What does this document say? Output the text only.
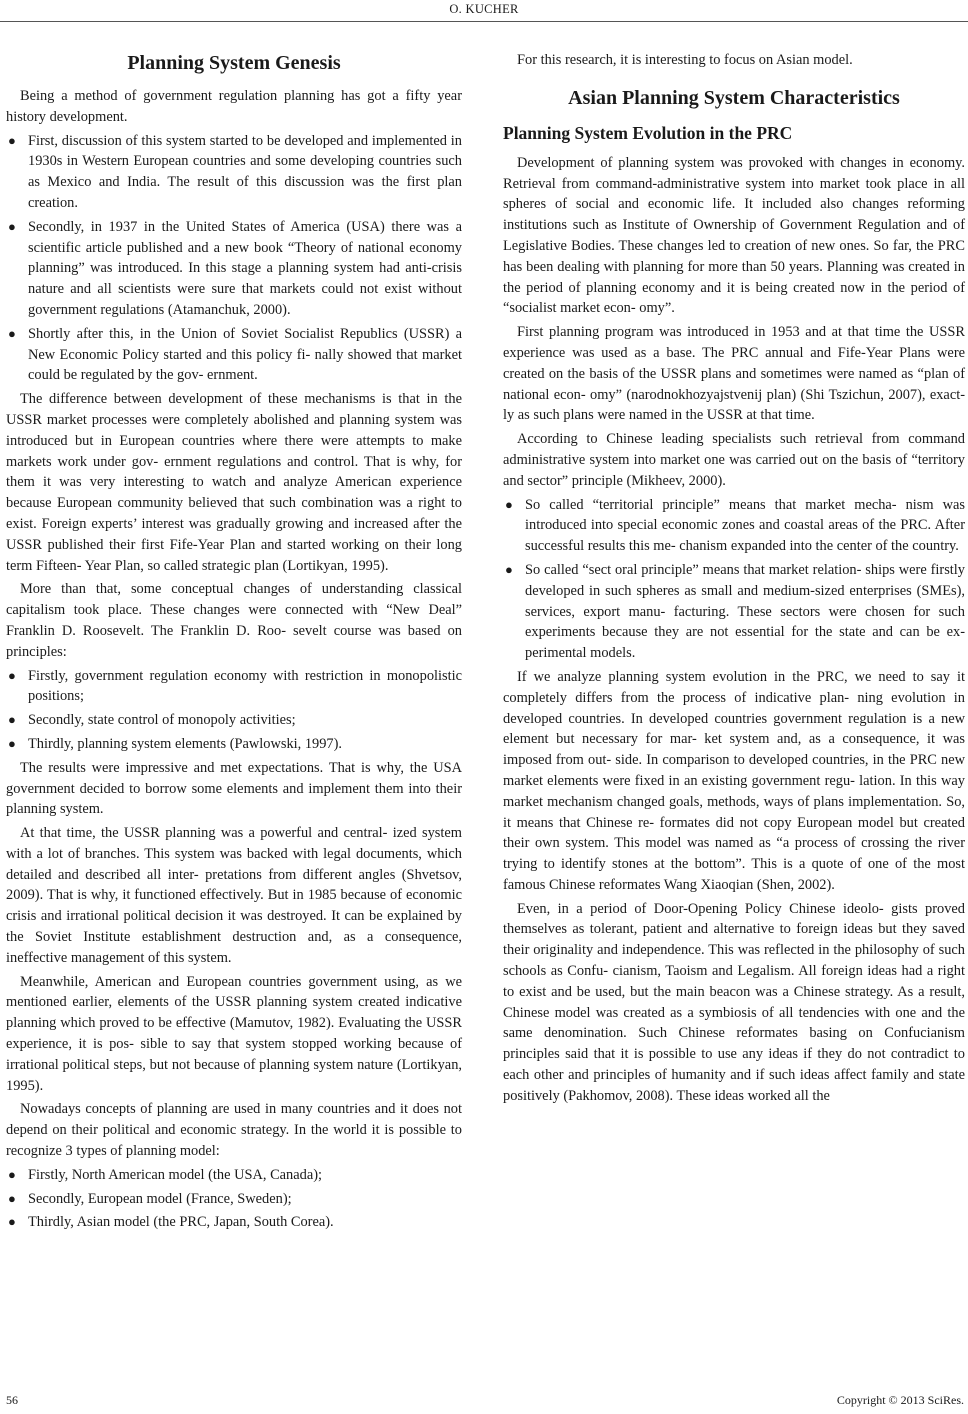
O. KUCHER
Planning System Genesis

Being a method of government regulation planning has got a fifty year history development.

● First, discussion of this system started to be developed and implemented in 1930s in Western European countries and some developing countries such as Mexico and India. The result of this discussion was the first plan creation.
● Secondly, in 1937 in the United States of America (USA) there was a scientific article published and a new book “Theory of national economy planning” was introduced. In this stage a planning system had anti-crisis nature and all scientists were sure that markets could not exist without government regulations (Atamanchuk, 2000).
● Shortly after this, in the Union of Soviet Socialist Republics (USSR) a New Economic Policy started and this policy fi- nally showed that market could be regulated by the gov- ernment.

The difference between development of these mechanisms is that in the USSR market processes were completely abolished and planning system was introduced but in European countries where there were attempts to make markets work under gov- ernment regulations and control. That is why, for them it was very interesting to watch and analyze American experience because European community believed that such combination was a right to exist. Foreign experts’ interest was gradually growing and increased after the USSR published their first Fife-Year Plan and started working on their long term Fifteen- Year Plan, so called strategic plan (Lortikyan, 1995).

More than that, some conceptual changes of understanding classical capitalism took place. These changes were connected with “New Deal” Franklin D. Roosevelt. The Franklin D. Roo- sevelt course was based on principles:

● Firstly, government regulation economy with restriction in monopolistic positions;
● Secondly, state control of monopoly activities;
● Thirdly, planning system elements (Pawlowski, 1997).

The results were impressive and met expectations. That is why, the USA government decided to borrow some elements and implement them into their planning system.

At that time, the USSR planning was a powerful and central- ized system with a lot of branches. This system was backed with legal documents, which detailed and described all inter- pretations from different angles (Shvetsov, 2009). That is why, it functioned effectively. But in 1985 because of economic crisis and irrational political decision it was destroyed. It can be explained by the Soviet Institute establishment destruction and, as a consequence, ineffective management of this system.

Meanwhile, American and European countries government using, as we mentioned earlier, elements of the USSR planning system created indicative planning which proved to be effective (Mamutov, 1982). Evaluating the USSR experience, it is pos- sible to say that system stopped working because of irrational political steps, but not because of planning system nature (Lortikyan, 1995).

Nowadays concepts of planning are used in many countries and it does not depend on their political and economic strategy. In the world it is possible to recognize 3 types of planning model:

● Firstly, North American model (the USA, Canada);
● Secondly, European model (France, Sweden);
● Thirdly, Asian model (the PRC, Japan, South Corea).

For this research, it is interesting to focus on Asian model.

Asian Planning System Characteristics
Planning System Evolution in the PRC

Development of planning system was provoked with changes in economy. Retrieval from command-administrative system into market took place in all spheres of social and economic life. It included also changes reforming institutions such as Institute of Ownership of Government Regulation and of Legislative Bodies. These changes led to creation of new ones. So far, the PRC has been dealing with planning for more than 50 years. Planning was created in the period of planning economy and it is being created now in the period of “socialist market econ- omy”.

First planning program was introduced in 1953 and at that time the USSR experience was used as a base. The PRC annual and Fife-Year Plans were created on the basis of the USSR plans and sometimes were named as “plan of national econ- omy” (narodnokhozyajstvenij plan) (Shi Tszichun, 2007), exact- ly as such plans were named in the USSR at that time.

According to Chinese leading specialists such retrieval from command administrative system into market one was carried out on the basis of “territory and sector” principle (Mikheev, 2000).

● So called “territorial principle” means that market mecha- nism was introduced into special economic zones and coastal areas of the PRC. After successful results this me- chanism expanded into the center of the country.
● So called “sect oral principle” means that market relation- ships were firstly developed in such spheres as small and medium-sized enterprises (SMEs), services, export manu- facturing. These sectors were chosen for such experiments because they are not essential for the state and can be ex- perimental models.

If we analyze planning system evolution in the PRC, we need to say it completely differs from the process of indicative plan- ning evolution in developed countries. In developed countries government regulation is a new element but necessary for mar- ket system and, as a consequence, it was imposed from out- side. In comparison to developed countries, in the PRC new market elements were fixed in an existing government regu- lation. In this way market mechanism changed goals, methods, ways of plans implementation. So, it means that Chinese re- formates did not copy European model but created their own system. This model was named as “a process of crossing the river trying to identify stones at the bottom”. This is a quote of one of the most famous Chinese reformates Wang Xiaoqian (Shen, 2002).

Even, in a period of Door-Opening Policy Chinese ideolo- gists proved themselves as tolerant, patient and alternative to foreign ideas but they saved their originality and independence. This was reflected in the philosophy of such schools as Confu- cianism, Taoism and Legalism. All foreign ideas had a right to exist and be used, but the main beacon was a Chinese strategy. As a result, Chinese model was created as a symbiosis of all tendencies with one and the same denomination. Such Chinese reformates basing on Confucianism principles said that it is possible to use any ideas if they do not contradict to each other and principles of humanity and if such ideas affect family and state positively (Pakhomov, 2008). These ideas worked all the

56	Copyright © 2013 SciRes.
